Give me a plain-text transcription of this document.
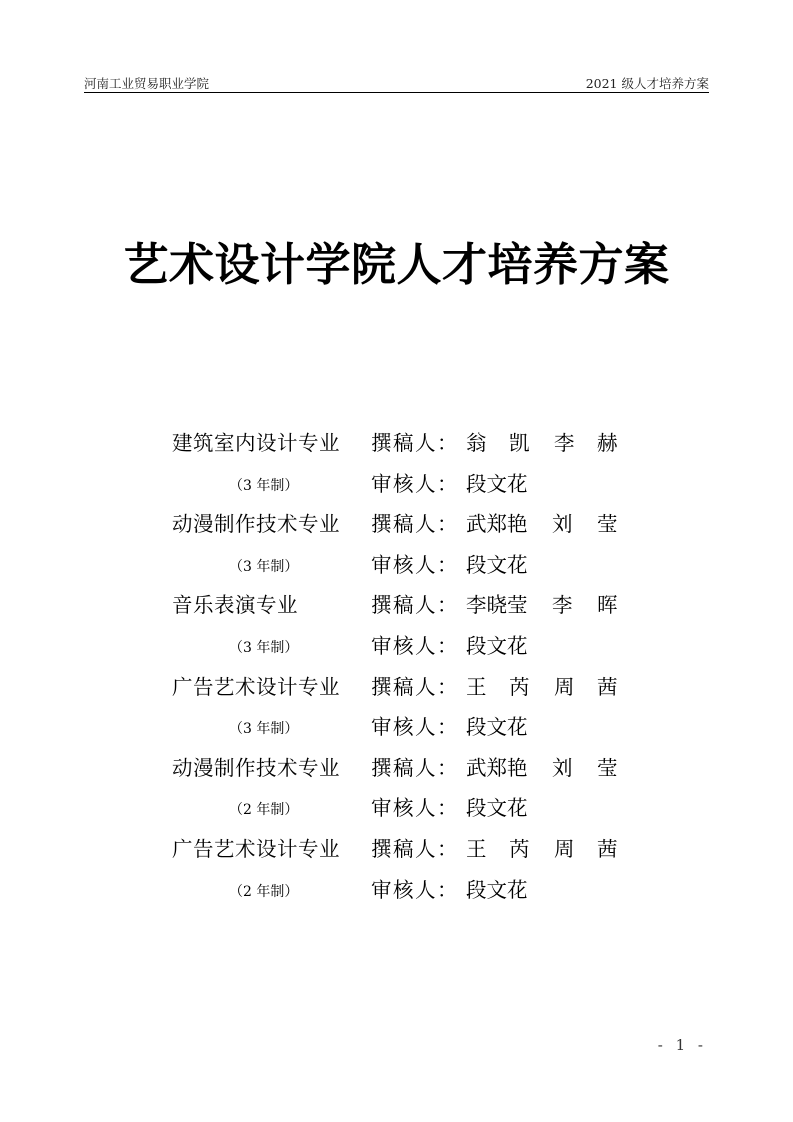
河南工业贸易职业学院	2021 级人才培养方案
艺术设计学院人才培养方案
建筑室内设计专业 撰稿人： 翁 凯 李 赫
（3 年制）	审核人： 段文花
动漫制作技术专业 撰稿人： 武郑艳 刘 莹
（3 年制）	审核人： 段文花
音乐表演专业	撰稿人： 李晓莹 李 晖
（3 年制）	审核人： 段文花
广告艺术设计专业 撰稿人： 王 芮 周 茜
（3 年制）	审核人： 段文花
动漫制作技术专业 撰稿人： 武郑艳 刘 莹
（2 年制）	审核人： 段文花
广告艺术设计专业 撰稿人： 王 芮 周 茜
（2 年制）	审核人： 段文花
- 1 -
